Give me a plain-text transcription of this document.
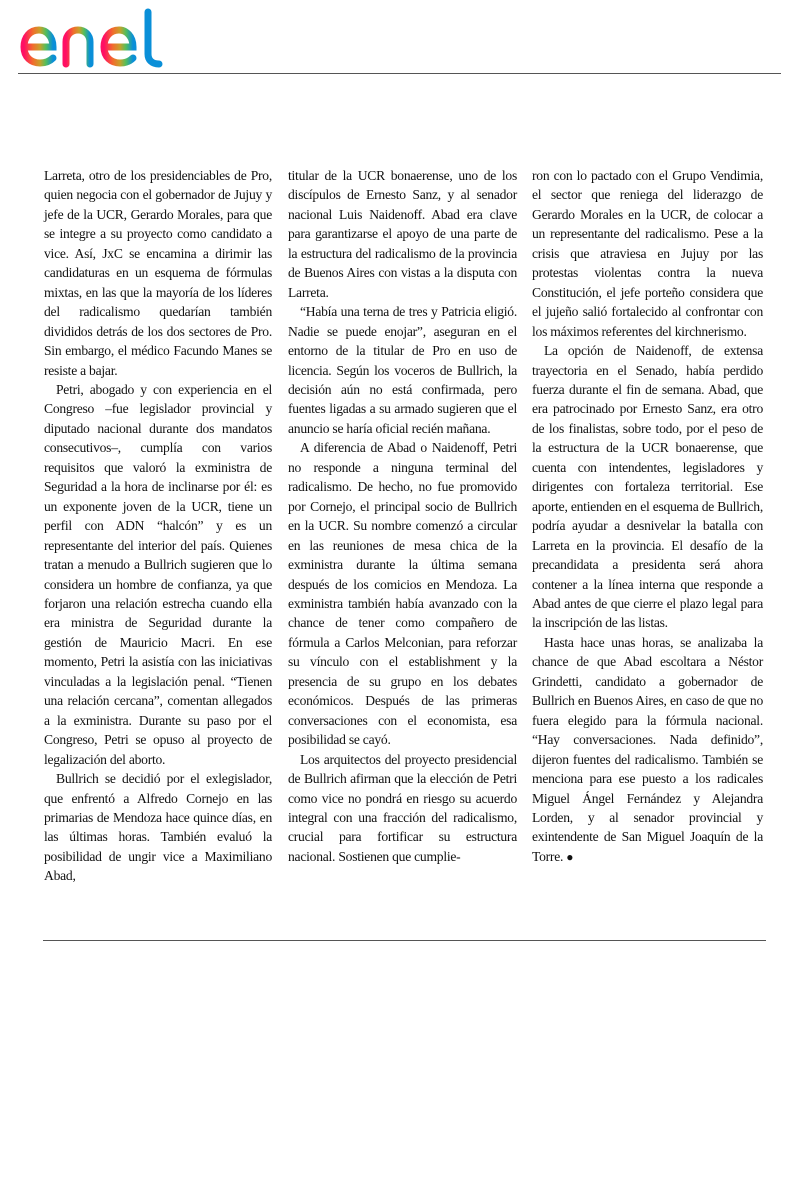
Larreta, otro de los presidenciables de Pro, quien negocia con el gobernador de Jujuy y jefe de la UCR, Gerardo Morales, para que se integre a su proyecto como candidato a vice. Así, JxC se encamina a dirimir las candidaturas en un esquema de fórmulas mixtas, en las que la mayoría de los líderes del radicalismo quedarían también divididos detrás de los dos sectores de Pro. Sin embargo, el médico Facundo Manes se resiste a bajar.

Petri, abogado y con experiencia en el Congreso –fue legislador provincial y diputado nacional durante dos mandatos consecutivos–, cumplía con varios requisitos que valoró la exministra de Seguridad a la hora de inclinarse por él: es un exponente joven de la UCR, tiene un perfil con ADN “halcón” y es un representante del interior del país. Quienes tratan a menudo a Bullrich sugieren que lo considera un hombre de confianza, ya que forjaron una relación estrecha cuando ella era ministra de Seguridad durante la gestión de Mauricio Macri. En ese momento, Petri la asistía con las iniciativas vinculadas a la legislación penal. “Tienen una relación cercana”, comentan allegados a la exministra. Durante su paso por el Congreso, Petri se opuso al proyecto de legalización del aborto.

Bullrich se decidió por el exlegislador, que enfrentó a Alfredo Cornejo en las primarias de Mendoza hace quince días, en las últimas horas. También evaluó la posibilidad de ungir vice a Maximiliano Abad,

titular de la UCR bonaerense, uno de los discípulos de Ernesto Sanz, y al senador nacional Luis Naidenoff. Abad era clave para garantizarse el apoyo de una parte de la estructura del radicalismo de la provincia de Buenos Aires con vistas a la disputa con Larreta.

“Había una terna de tres y Patricia eligió. Nadie se puede enojar”, aseguran en el entorno de la titular de Pro en uso de licencia. Según los voceros de Bullrich, la decisión aún no está confirmada, pero fuentes ligadas a su armado sugieren que el anuncio se haría oficial recién mañana.

A diferencia de Abad o Naidenoff, Petri no responde a ninguna terminal del radicalismo. De hecho, no fue promovido por Cornejo, el principal socio de Bullrich en la UCR. Su nombre comenzó a circular en las reuniones de mesa chica de la exministra durante la última semana después de los comicios en Mendoza. La exministra también había avanzado con la chance de tener como compañero de fórmula a Carlos Melconian, para reforzar su vínculo con el establishment y la presencia de su grupo en los debates económicos. Después de las primeras conversaciones con el economista, esa posibilidad se cayó.

Los arquitectos del proyecto presidencial de Bullrich afirman que la elección de Petri como vice no pondrá en riesgo su acuerdo integral con una fracción del radicalismo, crucial para fortificar su estructura nacional. Sostienen que cumplie-

ron con lo pactado con el Grupo Vendimia, el sector que reniega del liderazgo de Gerardo Morales en la UCR, de colocar a un representante del radicalismo. Pese a la crisis que atraviesa en Jujuy por las protestas violentas contra la nueva Constitución, el jefe porteño considera que el jujeño salió fortalecido al confrontar con los máximos referentes del kirchnerismo.

La opción de Naidenoff, de extensa trayectoria en el Senado, había perdido fuerza durante el fin de semana. Abad, que era patrocinado por Ernesto Sanz, era otro de los finalistas, sobre todo, por el peso de la estructura de la UCR bonaerense, que cuenta con intendentes, legisladores y dirigentes con fortaleza territorial. Ese aporte, entienden en el esquema de Bullrich, podría ayudar a desnivelar la batalla con Larreta en la provincia. El desafío de la precandidata a presidenta será ahora contener a la línea interna que responde a Abad antes de que cierre el plazo legal para la inscripción de las listas.

Hasta hace unas horas, se analizaba la chance de que Abad escoltara a Néstor Grindetti, candidato a gobernador de Bullrich en Buenos Aires, en caso de que no fuera elegido para la fórmula nacional. “Hay conversaciones. Nada definido”, dijeron fuentes del radicalismo. También se menciona para ese puesto a los radicales Miguel Ángel Fernández y Alejandra Lorden, y al senador provincial y exintendente de San Miguel Joaquín de la Torre. ●
